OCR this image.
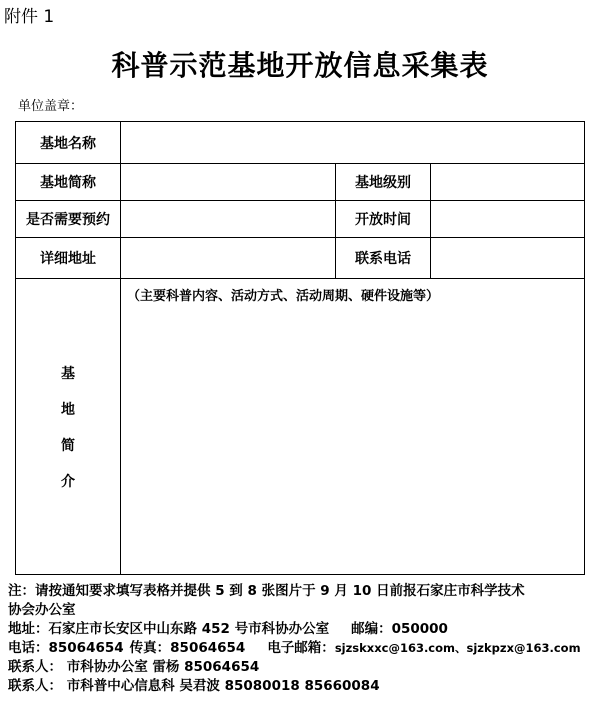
附件 1
科普示范基地开放信息采集表
单位盖章：
基地名称			
基地简称		基地级别	
是否需要预约		开放时间	
详细地址		联系电话	

基
地
简
介	（主要科普内容、活动方式、活动周期、硬件设施等）		
注：请按通知要求填写表格并提供 5 到 8 张图片于 9 月 10 日前报石家庄市科学技术
协会办公室
地址：石家庄市长安区中山东路 452 号市科协办公室 邮编：050000
电话：85064654 传真：85064654 电子邮箱：sjzskxxc@163.com、sjzkpzx@163.com
联系人： 市科协办公室 雷杨 85064654
联系人： 市科普中心信息科 吴君波 85080018 85660084
